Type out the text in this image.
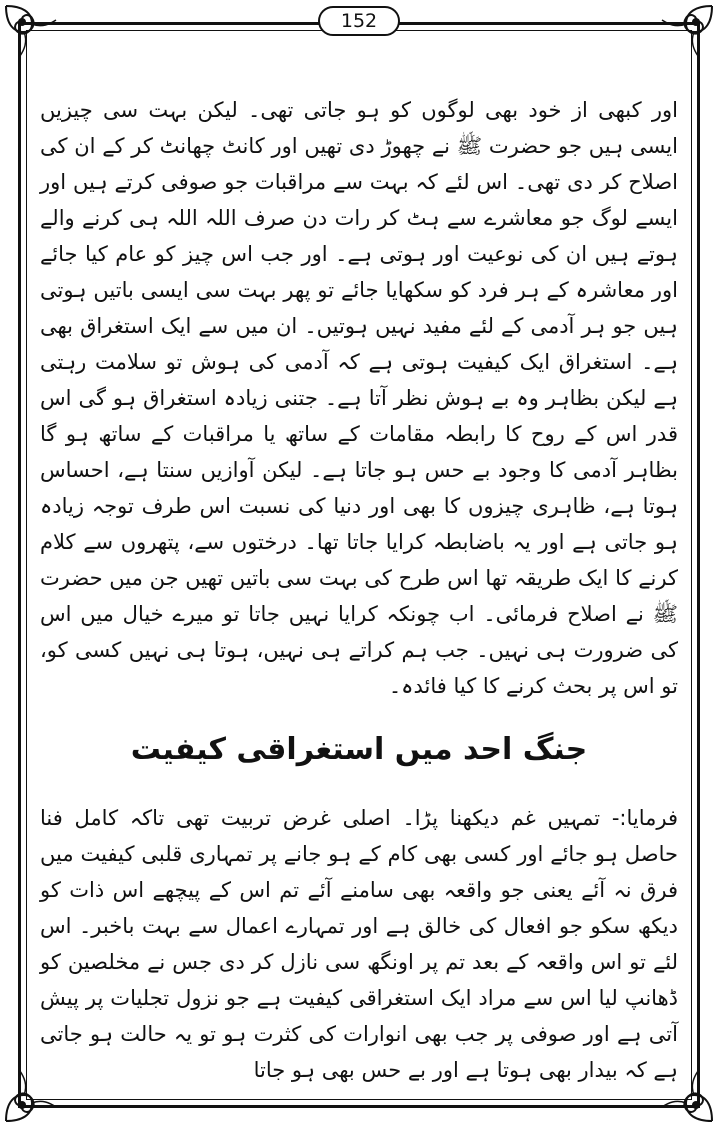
152

اور کبھی از خود بھی لوگوں کو ہو جاتی تھی۔ لیکن بہت سی چیزیں ایسی ہیں جو حضرت ﷺ نے چھوڑ دی تھیں اور کانٹ چھانٹ کر کے ان کی اصلاح کر دی تھی۔ اس لئے کہ بہت سے مراقبات جو صوفی کرتے ہیں اور ایسے لوگ جو معاشرے سے ہٹ کر رات دن صرف اللہ اللہ ہی کرنے والے ہوتے ہیں ان کی نوعیت اور ہوتی ہے۔ اور جب اس چیز کو عام کیا جائے اور معاشرہ کے ہر فرد کو سکھایا جائے تو پھر بہت سی ایسی باتیں ہوتی ہیں جو ہر آدمی کے لئے مفید نہیں ہوتیں۔ ان میں سے ایک استغراق بھی ہے۔ استغراق ایک کیفیت ہوتی ہے کہ آدمی کی ہوش تو سلامت رہتی ہے لیکن بظاہر وہ بے ہوش نظر آتا ہے۔ جتنی زیادہ استغراق ہو گی اس قدر اس کے روح کا رابطہ مقامات کے ساتھ یا مراقبات کے ساتھ ہو گا بظاہر آدمی کا وجود بے حس ہو جاتا ہے۔ لیکن آوازیں سنتا ہے، احساس ہوتا ہے، ظاہری چیزوں کا بھی اور دنیا کی نسبت اس طرف توجہ زیادہ ہو جاتی ہے اور یہ باضابطہ کرایا جاتا تھا۔ درختوں سے، پتھروں سے کلام کرنے کا ایک طریقہ تھا اس طرح کی بہت سی باتیں تھیں جن میں حضرت ﷺ نے اصلاح فرمائی۔ اب چونکہ کرایا نہیں جاتا تو میرے خیال میں اس کی ضرورت ہی نہیں۔ جب ہم کراتے ہی نہیں، ہوتا ہی نہیں کسی کو، تو اس پر بحث کرنے کا کیا فائدہ۔

جنگ احد میں استغراقی کیفیت

فرمایا:- تمہیں غم دیکھنا پڑا۔ اصلی غرض تربیت تھی تاکہ کامل فنا حاصل ہو جائے اور کسی بھی کام کے ہو جانے پر تمہاری قلبی کیفیت میں فرق نہ آئے یعنی جو واقعہ بھی سامنے آئے تم اس کے پیچھے اس ذات کو دیکھ سکو جو افعال کی خالق ہے اور تمہارے اعمال سے بہت باخبر۔ اس لئے تو اس واقعہ کے بعد تم پر اونگھ سی نازل کر دی جس نے مخلصین کو ڈھانپ لیا اس سے مراد ایک استغراقی کیفیت ہے جو نزول تجلیات پر پیش آتی ہے اور صوفی پر جب بھی انوارات کی کثرت ہو تو یہ حالت ہو جاتی ہے کہ بیدار بھی ہوتا ہے اور بے حس بھی ہو جاتا
